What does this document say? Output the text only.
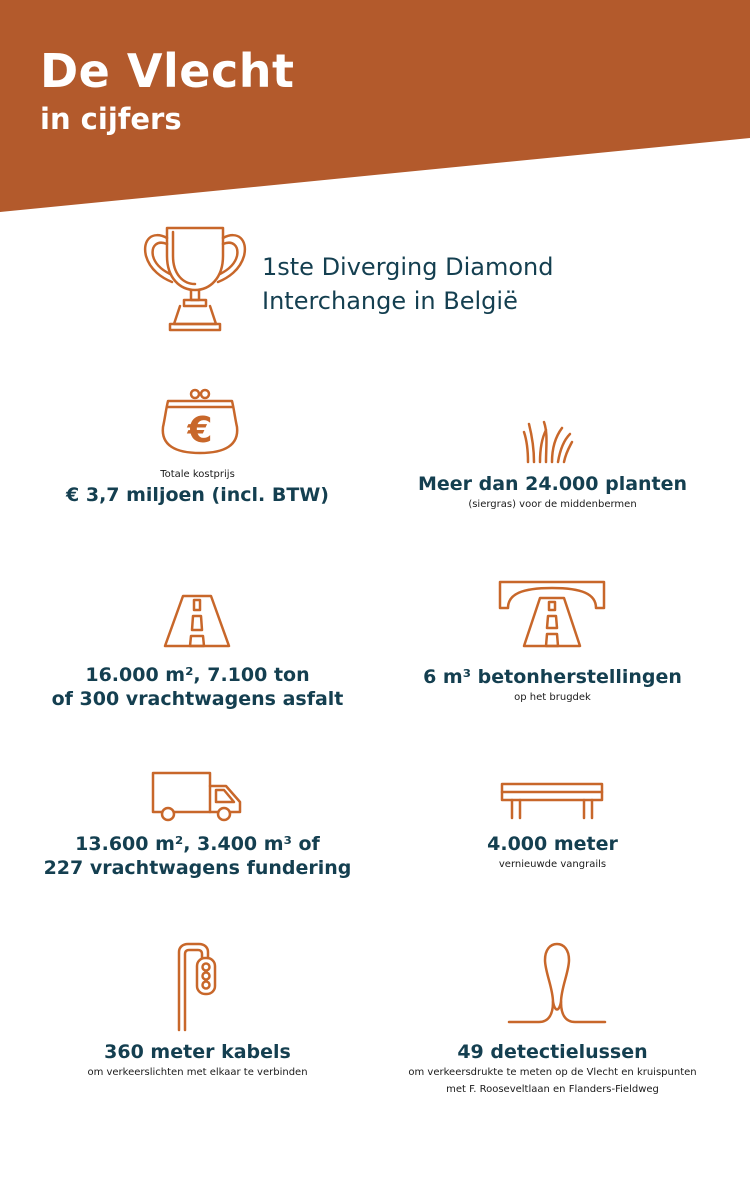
De Vlecht
in cijfers
1ste Diverging Diamond
Interchange in België
€
Totale kostprijs
€ 3,7 miljoen (incl. BTW)	Meer dan 24.000 planten
(siergras) voor de middenbermen
16.000 m², 7.100 ton
of 300 vrachtwagens asfalt
6 m³ betonherstellingen
op het brugdek
13.600 m², 3.400 m³ of
227 vrachtwagens fundering
4.000 meter
vernieuwde vangrails
360 meter kabels
om verkeerslichten met elkaar te verbinden
49 detectielussen
om verkeersdrukte te meten op de Vlecht en kruispunten
met F. Rooseveltlaan en Flanders-Fieldweg
